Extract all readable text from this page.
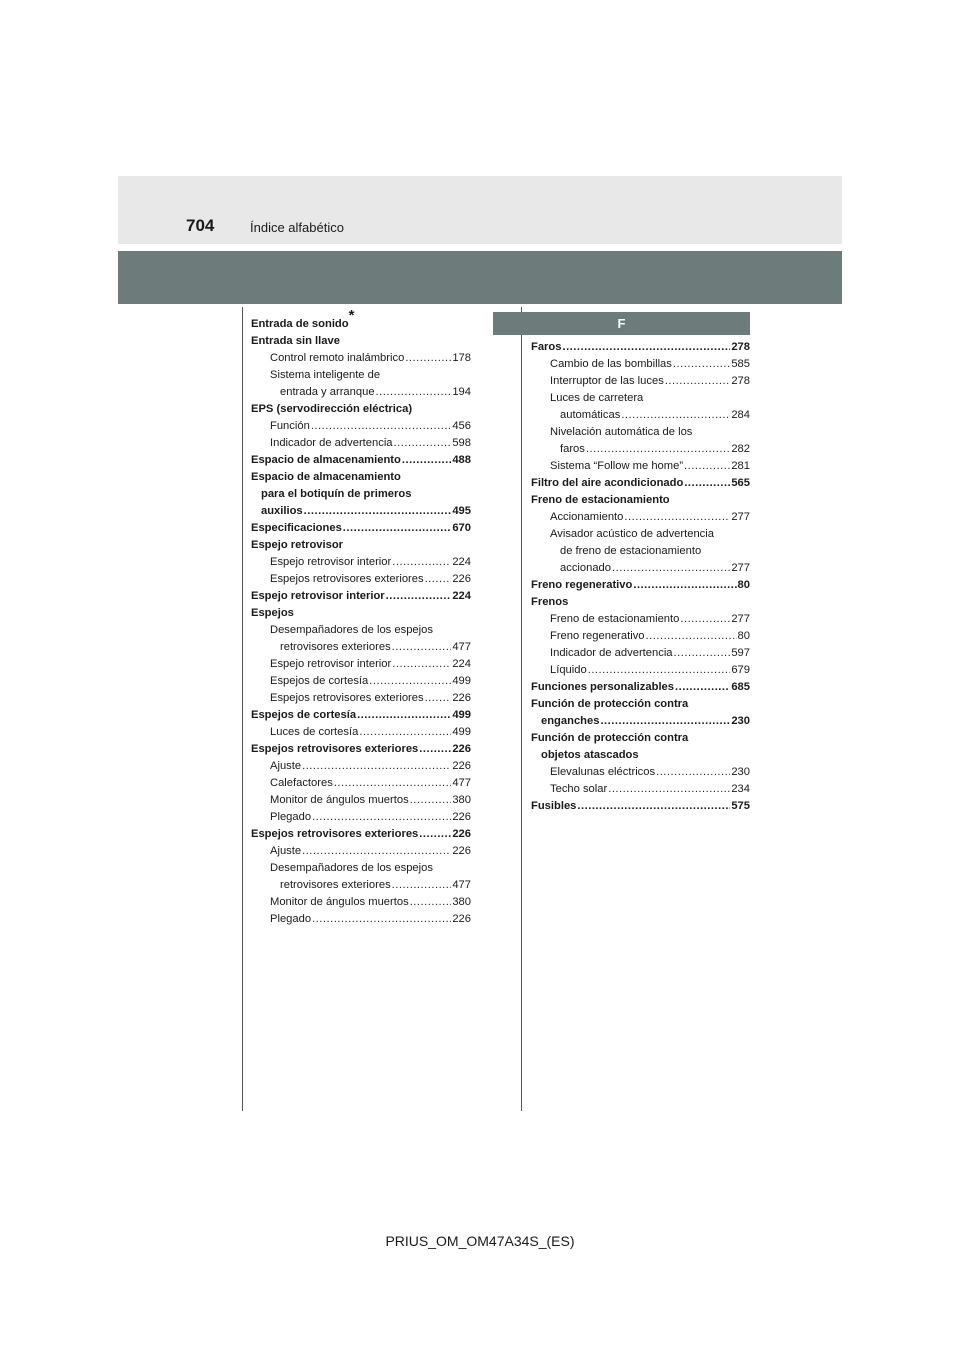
704	Índice alfabético
Entrada de sonido*
Entrada sin llave
Control remoto inalámbrico .....	178
Sistema inteligente de
entrada y arranque .....	194
EPS (servodirección eléctrica)
Función .....	456
Indicador de advertencia .....	598
Espacio de almacenamiento .....	488
Espacio de almacenamiento
para el botiquín de primeros
auxilios .....	495
Especificaciones .....	670
Espejo retrovisor
Espejo retrovisor interior .....	224
Espejos retrovisores exteriores .....	226
Espejo retrovisor interior .....	224
Espejos
Desempañadores de los espejos
retrovisores exteriores .....	477
Espejo retrovisor interior .....	224
Espejos de cortesía .....	499
Espejos retrovisores exteriores .....	226
Espejos de cortesía .....	499
Luces de cortesía .....	499
Espejos retrovisores exteriores .....	226
Ajuste .....	226
Calefactores .....	477
Monitor de ángulos muertos .....	380
Plegado .....	226
Espejos retrovisores exteriores .....	226
Ajuste .....	226
Desempañadores de los espejos
retrovisores exteriores .....	477
Monitor de ángulos muertos .....	380
Plegado .....	226
F
Faros .....	278
Cambio de las bombillas .....	585
Interruptor de las luces .....	278
Luces de carretera
automáticas .....	284
Nivelación automática de los
faros .....	282
Sistema “Follow me home” .....	281
Filtro del aire acondicionado .....	565
Freno de estacionamiento
Accionamiento .....	277
Avisador acústico de advertencia
de freno de estacionamiento
accionado .....	277
Freno regenerativo .....	80
Frenos
Freno de estacionamiento .....	277
Freno regenerativo .....	80
Indicador de advertencia .....	597
Líquido .....	679
Funciones personalizables .....	685
Función de protección contra
enganches .....	230
Función de protección contra
objetos atascados
Elevalunas eléctricos .....	230
Techo solar .....	234
Fusibles .....	575
PRIUS_OM_OM47A34S_(ES)
